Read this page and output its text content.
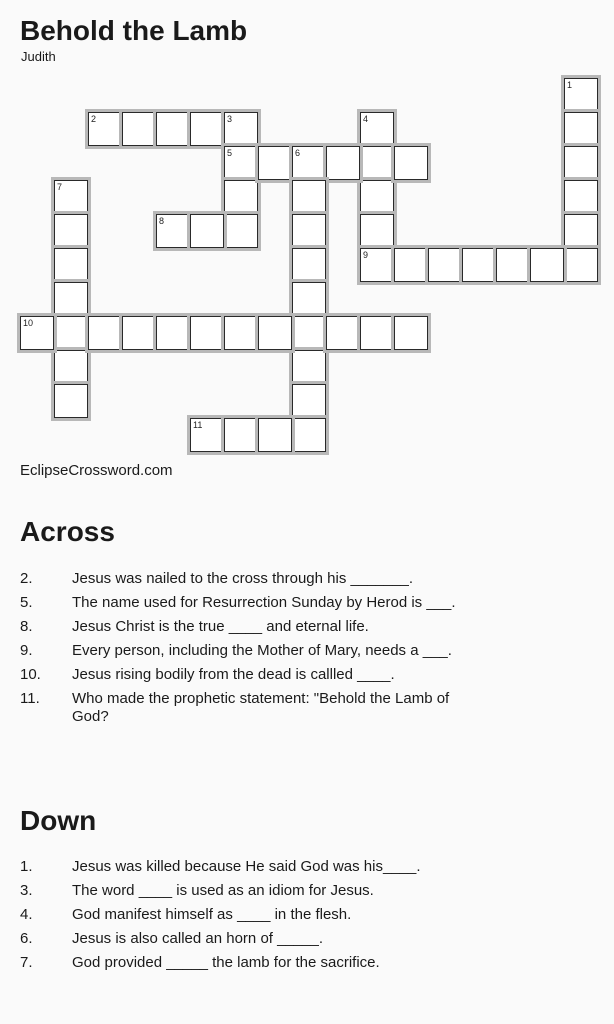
Behold the Lamb
Judith
1
2	3
5
4
9
6
7
8
10
11
EclipseCrossword.com
Across
2.	Jesus was nailed to the cross through his _______.
5.	The name used for Resurrection Sunday by Herod is ___.
8.	Jesus Christ is the true ____ and eternal life.
9.	Every person, including the Mother of Mary, needs a ___.
10. Jesus rising bodily from the dead is callled ____.
11. Who made the prophetic statement: "Behold the Lamb of God?
Down
1.	Jesus was killed because He said God was his____.
3.	The word ____ is used as an idiom for Jesus.
4.	God manifest himself as ____ in the flesh.
6.	Jesus is also called an horn of _____.
7.	God provided _____ the lamb for the sacrifice.
